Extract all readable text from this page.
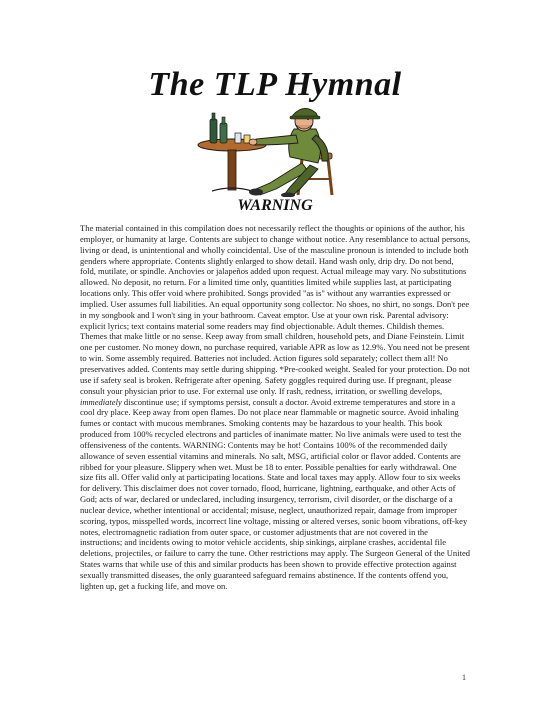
The TLP Hymnal
WARNING

The material contained in this compilation does not necessarily reflect the thoughts or opinions of the author, his employer, or humanity at large. Contents are subject to change without notice. Any resemblance to actual persons, living or dead, is unintentional and wholly coincidental. Use of the masculine pronoun is intended to include both genders where appropriate. Contents slightly enlarged to show detail. Hand wash only, drip dry. Do not bend, fold, mutilate, or spindle. Anchovies or jalapeños added upon request. Actual mileage may vary. No substitutions allowed. No deposit, no return. For a limited time only, quantities limited while supplies last, at participating locations only. This offer void where prohibited. Songs provided "as is" without any warranties expressed or implied. User assumes full liabilities. An equal opportunity song collector. No shoes, no shirt, no songs. Don't pee in my songbook and I won't sing in your bathroom. Caveat emptor. Use at your own risk. Parental advisory: explicit lyrics; text contains material some readers may find objectionable. Adult themes. Childish themes. Themes that make little or no sense. Keep away from small children, household pets, and Diane Feinstein. Limit one per customer. No money down, no purchase required, variable APR as low as 12.9%. You need not be present to win. Some assembly required. Batteries not included. Action figures sold separately; collect them all! No preservatives added. Contents may settle during shipping. *Pre-cooked weight. Sealed for your protection. Do not use if safety seal is broken. Refrigerate after opening. Safety goggles required during use. If pregnant, please consult your physician prior to use. For external use only. If rash, redness, irritation, or swelling develops, immediately discontinue use; if symptoms persist, consult a doctor. Avoid extreme temperatures and store in a cool dry place. Keep away from open flames. Do not place near flammable or magnetic source. Avoid inhaling fumes or contact with mucous membranes. Smoking contents may be hazardous to your health. This book produced from 100% recycled electrons and particles of inanimate matter. No live animals were used to test the offensiveness of the contents. WARNING: Contents may be hot! Contains 100% of the recommended daily allowance of seven essential vitamins and minerals. No salt, MSG, artificial color or flavor added. Contents are ribbed for your pleasure. Slippery when wet. Must be 18 to enter. Possible penalties for early withdrawal. One size fits all. Offer valid only at participating locations. State and local taxes may apply. Allow four to six weeks for delivery. This disclaimer does not cover tornado, flood, hurricane, lightning, earthquake, and other Acts of God; acts of war, declared or undeclared, including insurgency, terrorism, civil disorder, or the discharge of a nuclear device, whether intentional or accidental; misuse, neglect, unauthorized repair, damage from improper scoring, typos, misspelled words, incorrect line voltage, missing or altered verses, sonic boom vibrations, off-key notes, electromagnetic radiation from outer space, or customer adjustments that are not covered in the instructions; and incidents owing to motor vehicle accidents, ship sinkings, airplane crashes, accidental file deletions, projectiles, or failure to carry the tune. Other restrictions may apply. The Surgeon General of the United States warns that while use of this and similar products has been shown to provide effective protection against sexually transmitted diseases, the only guaranteed safeguard remains abstinence. If the contents offend you, lighten up, get a fucking life, and move on.

1
